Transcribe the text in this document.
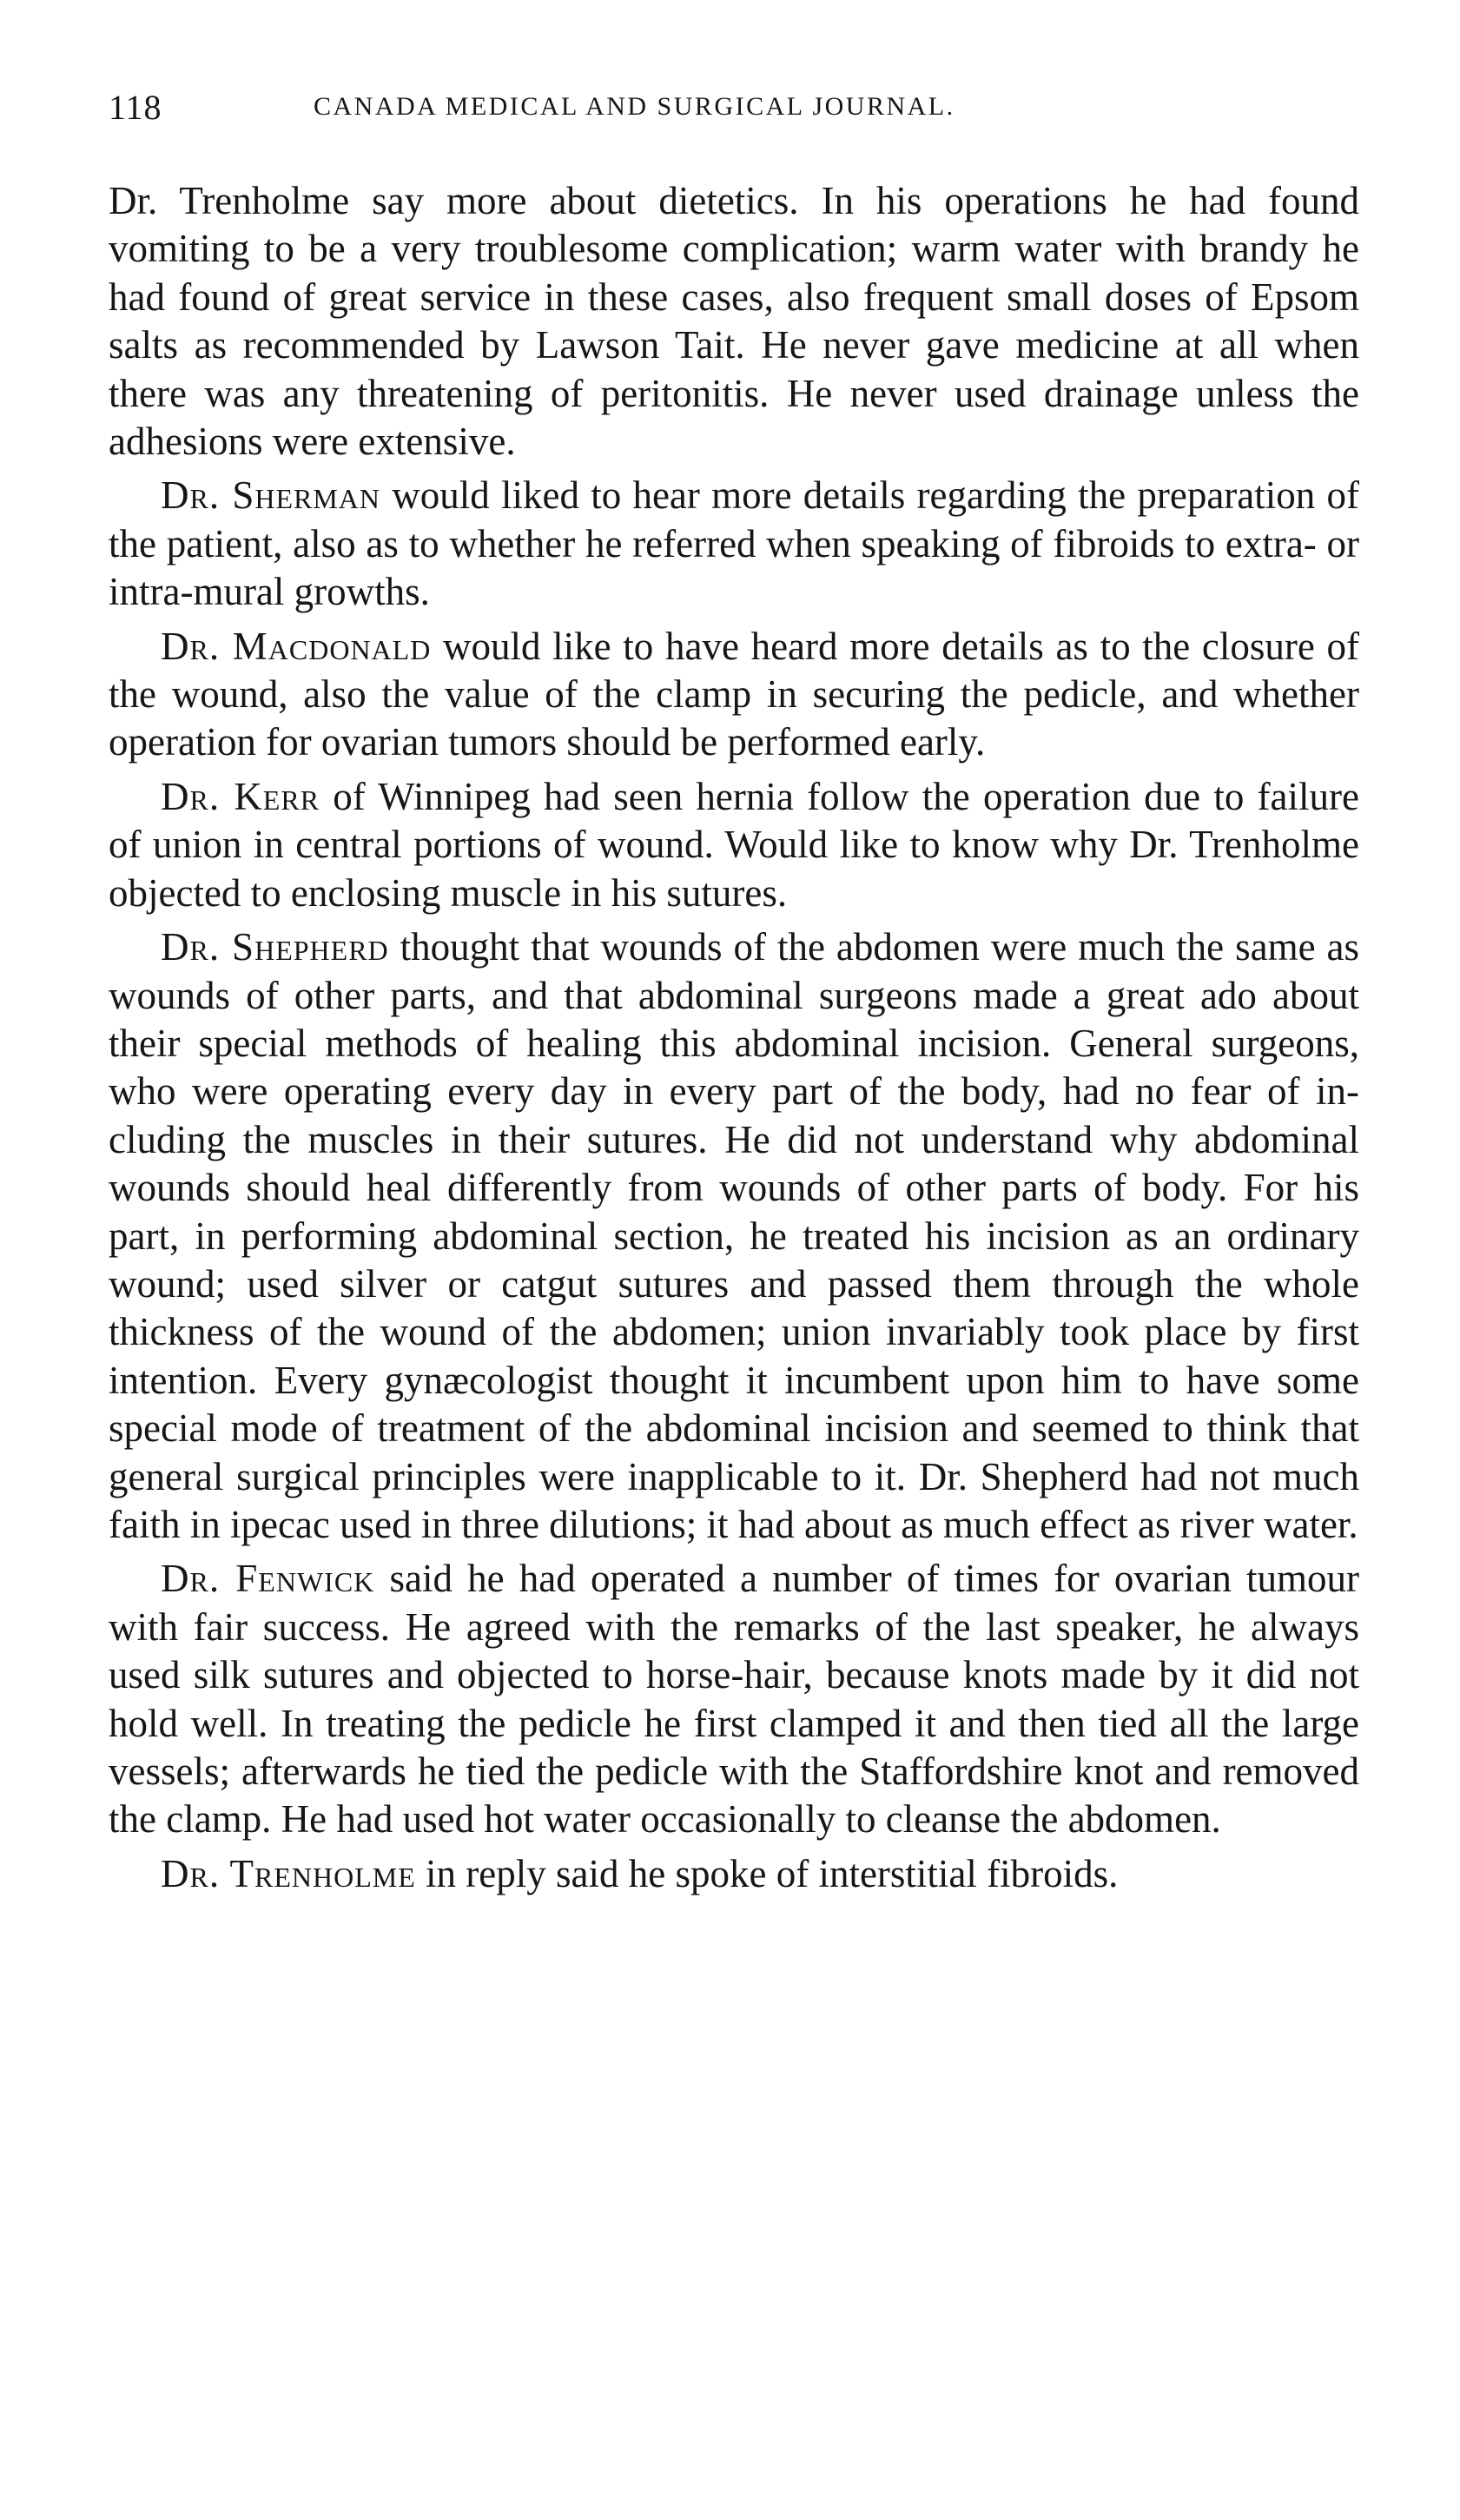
118	CANADA MEDICAL AND SURGICAL JOURNAL.

Dr. Trenholme say more about dietetics. In his operations he had found vomiting to be a very troublesome complication; warm water with brandy he had found of great service in these cases, also frequent small doses of Epsom salts as recommended by Lawson Tait. He never gave medicine at all when there was any threatening of peritonitis. He never used drainage unless the adhesions were extensive.

Dr. Sherman would liked to hear more details regarding the preparation of the patient, also as to whether he referred when speaking of fibroids to extra- or intra-mural growths.

Dr. Macdonald would like to have heard more details as to the closure of the wound, also the value of the clamp in securing the pedicle, and whether operation for ovarian tumors should be performed early.

Dr. Kerr of Winnipeg had seen hernia follow the operation due to failure of union in central portions of wound. Would like to know why Dr. Trenholme objected to enclosing muscle in his sutures.

Dr. Shepherd thought that wounds of the abdomen were much the same as wounds of other parts, and that abdominal surgeons made a great ado about their special methods of healing this abdominal incision. General surgeons, who were operating every day in every part of the body, had no fear of including the muscles in their sutures. He did not understand why abdominal wounds should heal differently from wounds of other parts of body. For his part, in performing abdominal section, he treated his incision as an ordinary wound; used silver or catgut sutures and passed them through the whole thickness of the wound of the abdomen; union invariably took place by first intention. Every gynæcologist thought it incumbent upon him to have some special mode of treatment of the abdominal incision and seemed to think that general surgical principles were inapplicable to it. Dr. Shepherd had not much faith in ipecac used in three dilutions; it had about as much effect as river water.

Dr. Fenwick said he had operated a number of times for ovarian tumour with fair success. He agreed with the remarks of the last speaker, he always used silk sutures and objected to horse-hair, because knots made by it did not hold well. In treating the pedicle he first clamped it and then tied all the large vessels; afterwards he tied the pedicle with the Staffordshire knot and removed the clamp. He had used hot water occasionally to cleanse the abdomen.

Dr. Trenholme in reply said he spoke of interstitial fibroids.
